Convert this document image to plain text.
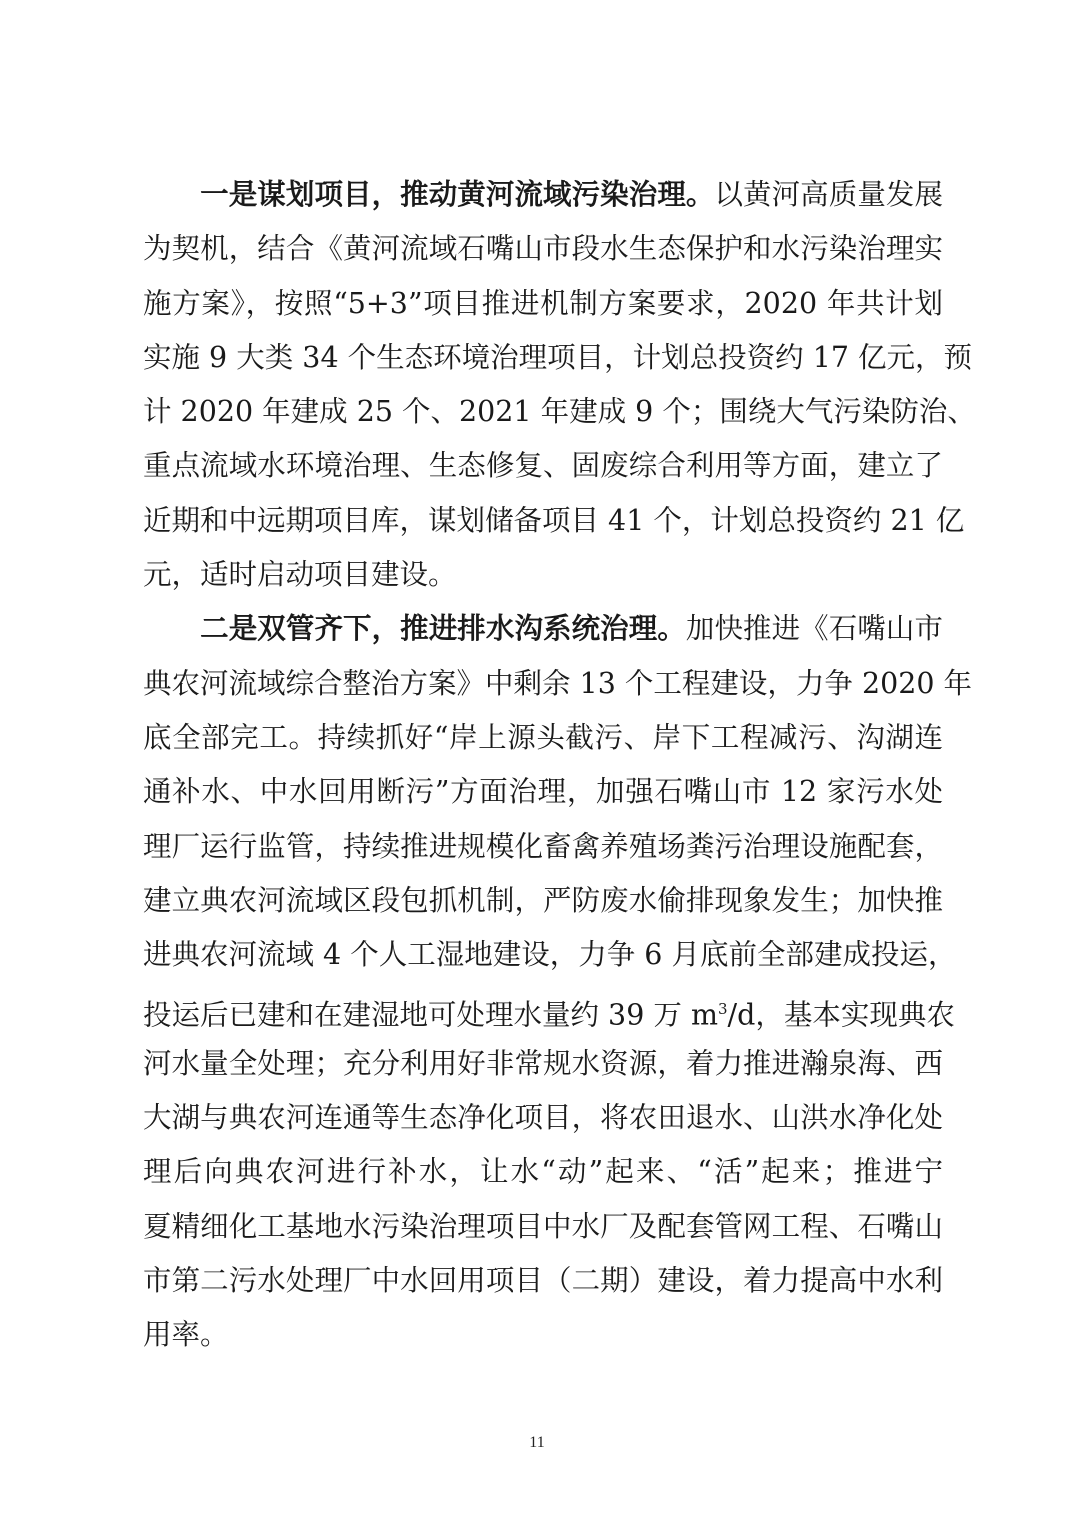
　　一是谋划项目，推动黄河流域污染治理。以黄河高质量发展
为契机，结合《黄河流域石嘴山市段水生态保护和水污染治理实
施方案》，按照“5+3”项目推进机制方案要求，2020 年共计划
实施 9 大类 34 个生态环境治理项目，计划总投资约 17 亿元，预
计 2020 年建成 25 个、2021 年建成 9 个；围绕大气污染防治、
重点流域水环境治理、生态修复、固废综合利用等方面，建立了
近期和中远期项目库，谋划储备项目 41 个，计划总投资约 21 亿
元，适时启动项目建设。
　　二是双管齐下，推进排水沟系统治理。加快推进《石嘴山市
典农河流域综合整治方案》中剩余 13 个工程建设，力争 2020 年
底全部完工。持续抓好“岸上源头截污、岸下工程减污、沟湖连
通补水、中水回用断污”方面治理，加强石嘴山市 12 家污水处
理厂运行监管，持续推进规模化畜禽养殖场粪污治理设施配套，
建立典农河流域区段包抓机制，严防废水偷排现象发生；加快推
进典农河流域 4 个人工湿地建设，力争 6 月底前全部建成投运，
投运后已建和在建湿地可处理水量约 39 万 $m^3/d$，基本实现典农
河水量全处理；充分利用好非常规水资源，着力推进瀚泉海、西
大湖与典农河连通等生态净化项目，将农田退水、山洪水净化处
理后向典农河进行补水，让水“动”起来、“活”起来；推进宁
夏精细化工基地水污染治理项目中水厂及配套管网工程、石嘴山
市第二污水处理厂中水回用项目（二期）建设，着力提高中水利
用率。
11
